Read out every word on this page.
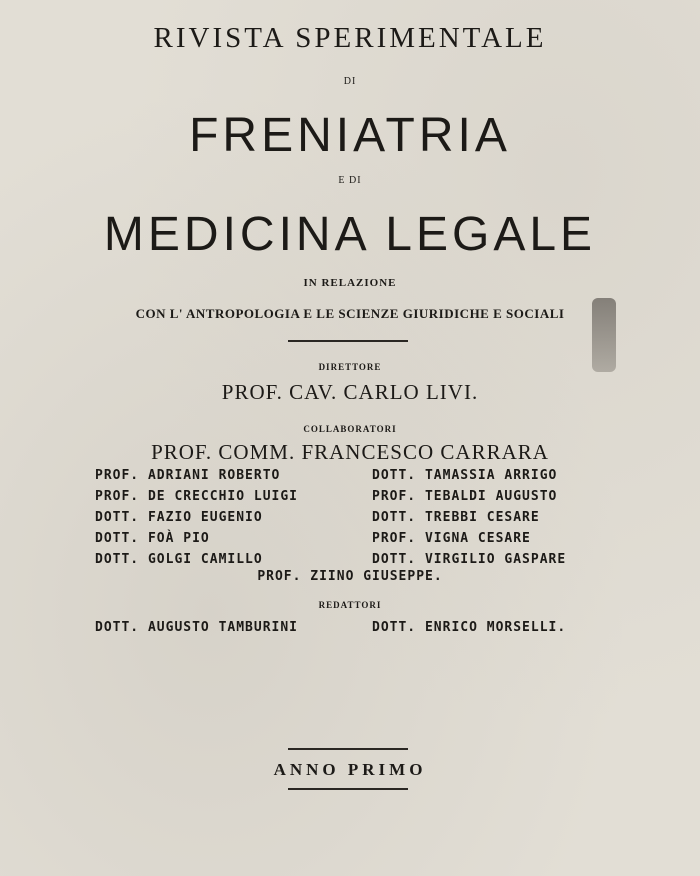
RIVISTA SPERIMENTALE
DI
FRENIATRIA
E DI
MEDICINA LEGALE
IN RELAZIONE
CON L' ANTROPOLOGIA E LE SCIENZE GIURIDICHE E SOCIALI
DIRETTORE
PROF. CAV. CARLO LIVI.
COLLABORATORI
PROF. COMM. FRANCESCO CARRARA
PROF. ADRIANI ROBERTO
PROF. DE CRECCHIO LUIGI
DOTT. FAZIO EUGENIO
DOTT. FOÀ PIO
DOTT. GOLGI CAMILLO
DOTT. TAMASSIA ARRIGO
PROF. TEBALDI AUGUSTO
DOTT. TREBBI CESARE
PROF. VIGNA CESARE
DOTT. VIRGILIO GASPARE
PROF. ZIINO GIUSEPPE.
REDATTORI
DOTT. AUGUSTO TAMBURINI	DOTT. ENRICO MORSELLI.
ANNO PRIMO
